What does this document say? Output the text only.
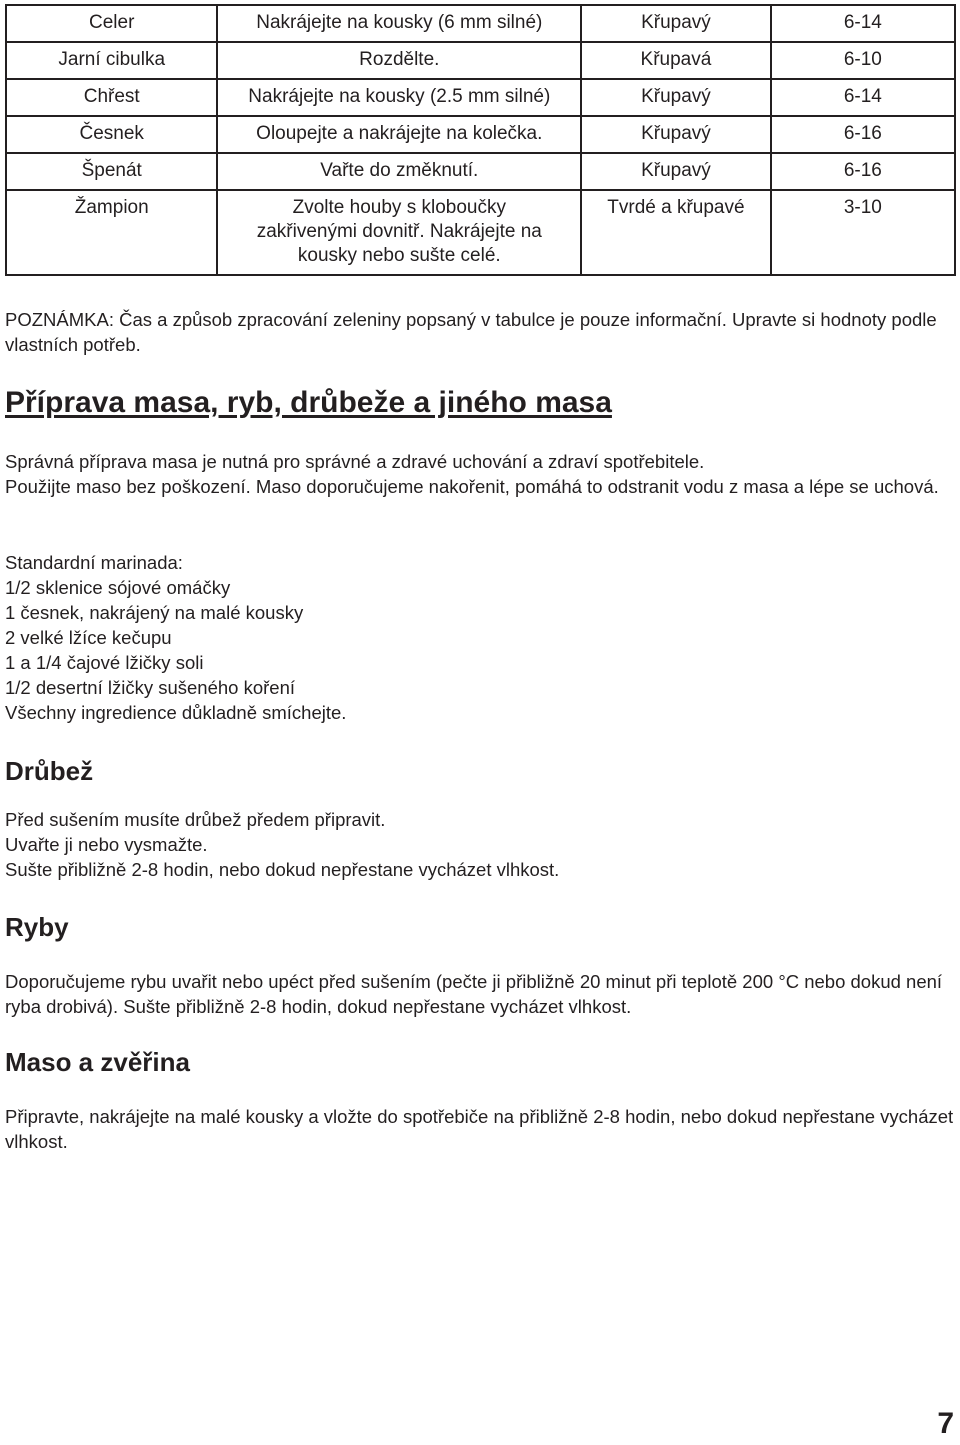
Celer	Nakrájejte na kousky (6 mm silné)	Křupavý	6-14
Jarní cibulka	Rozdělte.	Křupavá	6-10
Chřest	Nakrájejte na kousky (2.5 mm silné)	Křupavý	6-14
Česnek	Oloupejte a nakrájejte na kolečka.	Křupavý	6-16
Špenát	Vařte do změknutí.	Křupavý	6-16
Žampion	Zvolte houby s kloboučky zakřivenými dovnitř. Nakrájejte na kousky nebo sušte celé.	Tvrdé a křupavé	3-10

POZNÁMKA: Čas a způsob zpracování zeleniny popsaný v tabulce je pouze informační. Upravte si hodnoty podle vlastních potřeb.

Příprava masa, ryb, drůbeže a jiného masa

Správná příprava masa je nutná pro správné a zdravé uchování a zdraví spotřebitele.
Použijte maso bez poškození. Maso doporučujeme nakořenit, pomáhá to odstranit vodu z masa a lépe se uchová.

Standardní marinada:
1/2 sklenice sójové omáčky
1 česnek, nakrájený na malé kousky
2 velké lžíce kečupu
1 a 1/4 čajové lžičky soli
1/2 desertní lžičky sušeného koření
Všechny ingredience důkladně smíchejte.

Drůbež

Před sušením musíte drůbež předem připravit.
Uvařte ji nebo vysmažte.
Sušte přibližně 2-8 hodin, nebo dokud nepřestane vycházet vlhkost.

Ryby

Doporučujeme rybu uvařit nebo upéct před sušením (pečte ji přibližně 20 minut při teplotě 200 °C nebo dokud není ryba drobivá). Sušte přibližně 2-8 hodin, dokud nepřestane vycházet vlhkost.

Maso a zvěřina

Připravte, nakrájejte na malé kousky a vložte do spotřebiče na přibližně 2-8 hodin, nebo dokud nepřestane vycházet vlhkost.

7
